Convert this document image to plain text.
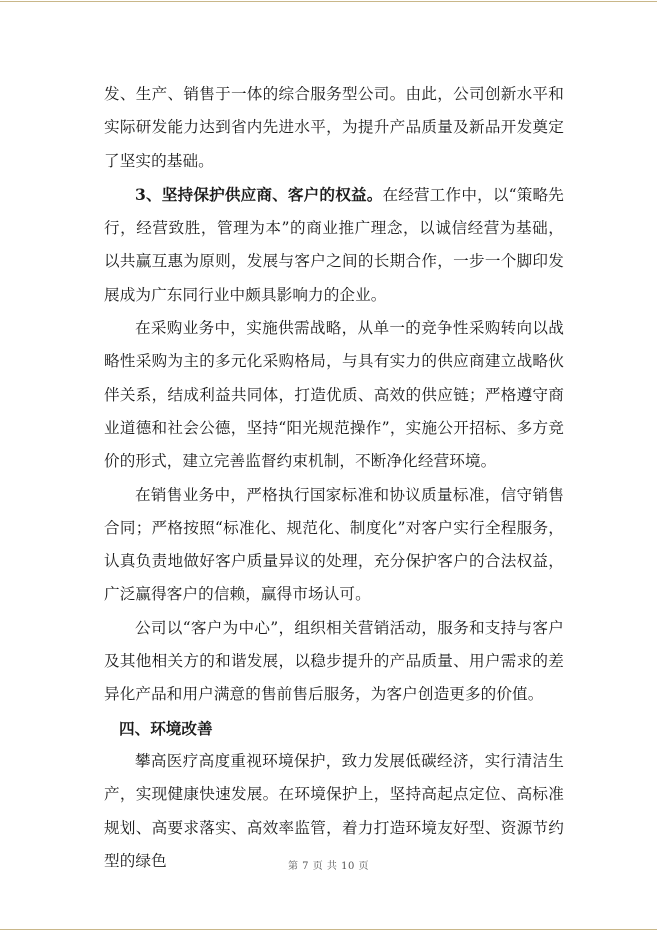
发、生产、销售于一体的综合服务型公司。由此，公司创新水平和实际研发能力达到省内先进水平，为提升产品质量及新品开发奠定了坚实的基础。

3、坚持保护供应商、客户的权益。在经营工作中，以“策略先行，经营致胜，管理为本”的商业推广理念，以诚信经营为基础，以共赢互惠为原则，发展与客户之间的长期合作，一步一个脚印发展成为广东同行业中颇具影响力的企业。

在采购业务中，实施供需战略，从单一的竞争性采购转向以战略性采购为主的多元化采购格局，与具有实力的供应商建立战略伙伴关系，结成利益共同体，打造优质、高效的供应链；严格遵守商业道德和社会公德，坚持“阳光规范操作”，实施公开招标、多方竞价的形式，建立完善监督约束机制，不断净化经营环境。

在销售业务中，严格执行国家标准和协议质量标准，信守销售合同；严格按照“标准化、规范化、制度化”对客户实行全程服务，认真负责地做好客户质量异议的处理，充分保护客户的合法权益，广泛赢得客户的信赖，赢得市场认可。

公司以“客户为中心”，组织相关营销活动，服务和支持与客户及其他相关方的和谐发展，以稳步提升的产品质量、用户需求的差异化产品和用户满意的售前售后服务，为客户创造更多的价值。

四、环境改善

攀高医疗高度重视环境保护，致力发展低碳经济，实行清洁生产，实现健康快速发展。在环境保护上，坚持高起点定位、高标准规划、高要求落实、高效率监管，着力打造环境友好型、资源节约型的绿色	第 7 页 共 10 页
